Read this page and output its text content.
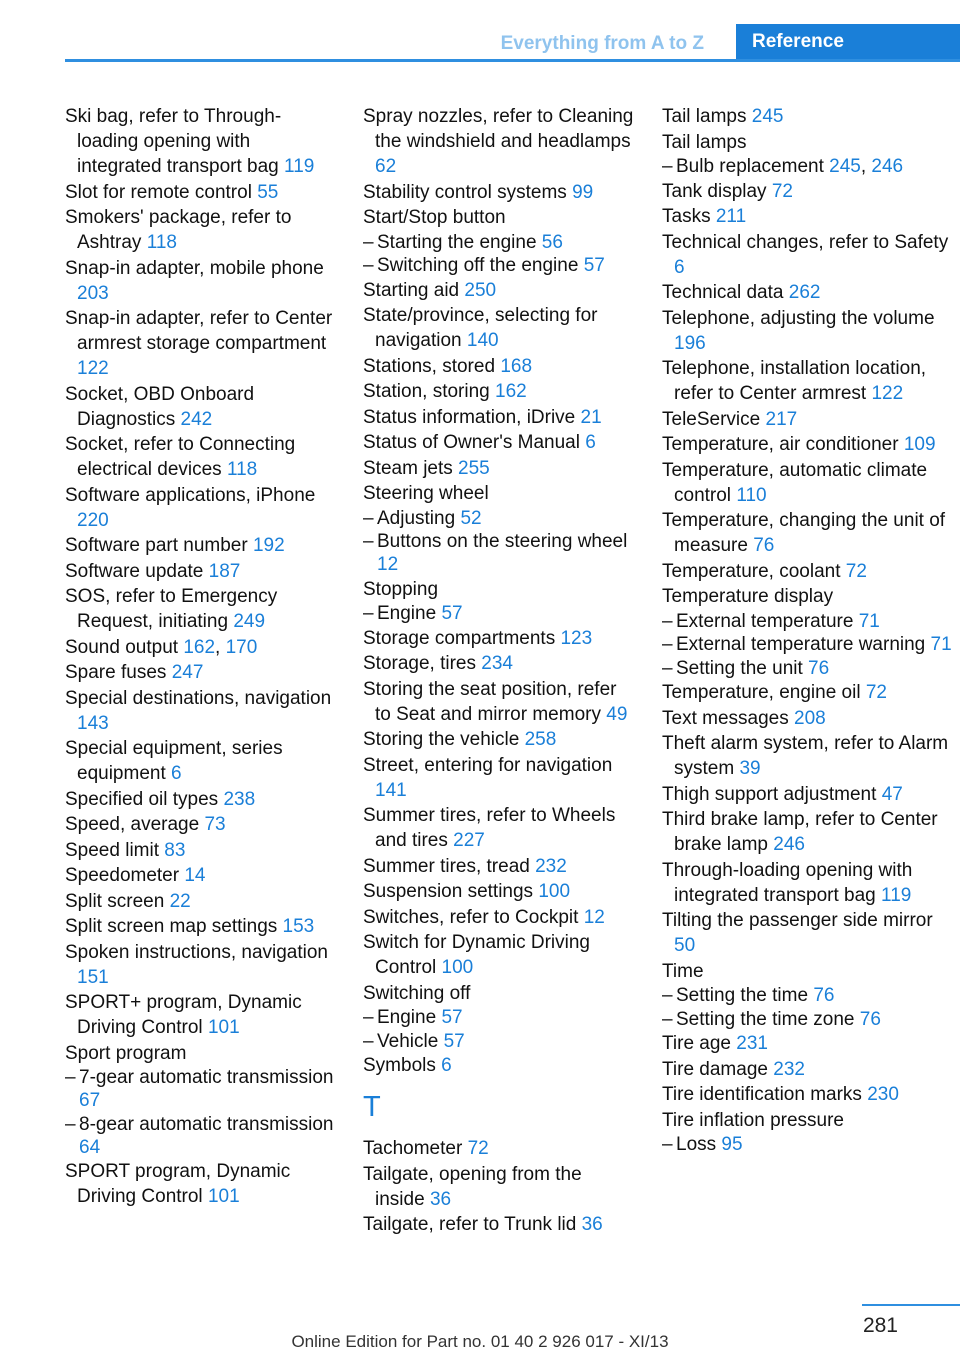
Everything from A to Z	Reference
Ski bag, refer to Through-loading opening with integrated transport bag 119
Slot for remote control 55
Smokers' package, refer to Ashtray 118
Snap-in adapter, mobile phone 203
Snap-in adapter, refer to Center armrest storage compartment 122
Socket, OBD Onboard Diagnostics 242
Socket, refer to Connecting electrical devices 118
Software applications, iPhone 220
Software part number 192
Software update 187
SOS, refer to Emergency Request, initiating 249
Sound output 162, 170
Spare fuses 247
Special destinations, navigation 143
Special equipment, series equipment 6
Specified oil types 238
Speed, average 73
Speed limit 83
Speedometer 14
Split screen 22
Split screen map settings 153
Spoken instructions, navigation 151
SPORT+ program, Dynamic Driving Control 101
Sport program
– 7-gear automatic transmission 67
– 8-gear automatic transmission 64
SPORT program, Dynamic Driving Control 101
Spray nozzles, refer to Cleaning the windshield and headlamps 62
Stability control systems 99
Start/Stop button
– Starting the engine 56
– Switching off the engine 57
Starting aid 250
State/province, selecting for navigation 140
Stations, stored 168
Station, storing 162
Status information, iDrive 21
Status of Owner's Manual 6
Steam jets 255
Steering wheel
– Adjusting 52
– Buttons on the steering wheel 12
Stopping
– Engine 57
Storage compartments 123
Storage, tires 234
Storing the seat position, refer to Seat and mirror memory 49
Storing the vehicle 258
Street, entering for navigation 141
Summer tires, refer to Wheels and tires 227
Summer tires, tread 232
Suspension settings 100
Switches, refer to Cockpit 12
Switch for Dynamic Driving Control 100
Switching off
– Engine 57
– Vehicle 57
Symbols 6
T
Tachometer 72
Tailgate, opening from the inside 36
Tailgate, refer to Trunk lid 36
Tail lamps 245
Tail lamps
– Bulb replacement 245, 246
Tank display 72
Tasks 211
Technical changes, refer to Safety 6
Technical data 262
Telephone, adjusting the volume 196
Telephone, installation location, refer to Center armrest 122
TeleService 217
Temperature, air conditioner 109
Temperature, automatic climate control 110
Temperature, changing the unit of measure 76
Temperature, coolant 72
Temperature display
– External temperature 71
– External temperature warning 71
– Setting the unit 76
Temperature, engine oil 72
Text messages 208
Theft alarm system, refer to Alarm system 39
Thigh support adjustment 47
Third brake lamp, refer to Center brake lamp 246
Through-loading opening with integrated transport bag 119
Tilting the passenger side mirror 50
Time
– Setting the time 76
– Setting the time zone 76
Tire age 231
Tire damage 232
Tire identification marks 230
Tire inflation pressure
– Loss 95
281
Online Edition for Part no. 01 40 2 926 017 - XI/13
